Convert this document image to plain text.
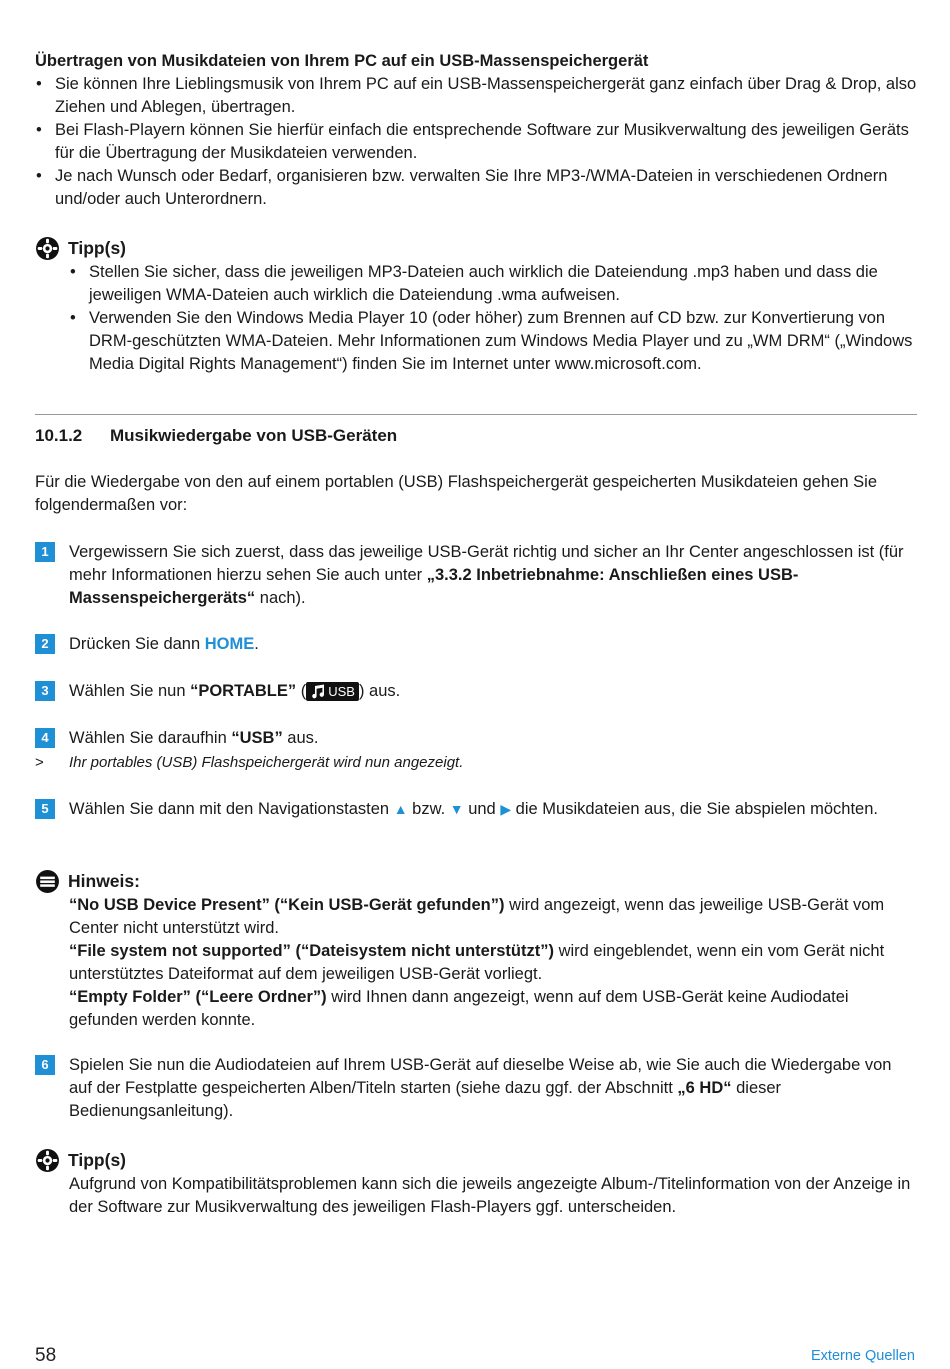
Übertragen von Musikdateien von Ihrem PC auf ein USB-Massenspeichergerät
• Sie können Ihre Lieblingsmusik von Ihrem PC auf ein USB-Massenspeichergerät ganz einfach über Drag & Drop, also Ziehen und Ablegen, übertragen.
• Bei Flash-Playern können Sie hierfür einfach die entsprechende Software zur Musikverwaltung des jeweiligen Geräts für die Übertragung der Musikdateien verwenden.
• Je nach Wunsch oder Bedarf, organisieren bzw. verwalten Sie Ihre MP3-/WMA-Dateien in verschiedenen Ordnern und/oder auch Unterordnern.
Tipp(s)
• Stellen Sie sicher, dass die jeweiligen MP3-Dateien auch wirklich die Dateiendung .mp3 haben und dass die jeweiligen WMA-Dateien auch wirklich die Dateiendung .wma aufweisen.
• Verwenden Sie den Windows Media Player 10 (oder höher) zum Brennen auf CD bzw. zur Konvertierung von DRM-geschützten WMA-Dateien. Mehr Informationen zum Windows Media Player und zu „WM DRM“ („Windows Media Digital Rights Management“) finden Sie im Internet unter www.microsoft.com.
10.1.2 Musikwiedergabe von USB-Geräten
Für die Wiedergabe von den auf einem portablen (USB) Flashspeichergerät gespeicherten Musikdateien gehen Sie folgendermaßen vor:
1	Vergewissern Sie sich zuerst, dass das jeweilige USB-Gerät richtig und sicher an Ihr Center angeschlossen ist (für mehr Informationen hierzu sehen Sie auch unter „3.3.2 Inbetriebnahme: Anschließen eines USB-Massenspeichergeräts“ nach).
2	Drücken Sie dann HOME.
3	Wählen Sie nun “PORTABLE” ( USB ) aus.
4	Wählen Sie daraufhin “USB” aus.
>	Ihr portables (USB) Flashspeichergerät wird nun angezeigt.
5	Wählen Sie dann mit den Navigationstasten ▲ bzw. ▼ und ▶ die Musikdateien aus, die Sie abspielen möchten.
Hinweis:
“No USB Device Present” (“Kein USB-Gerät gefunden”) wird angezeigt, wenn das jeweilige USB-Gerät vom Center nicht unterstützt wird.
“File system not supported” (“Dateisystem nicht unterstützt”) wird eingeblendet, wenn ein vom Gerät nicht unterstütztes Dateiformat auf dem jeweiligen USB-Gerät vorliegt.
“Empty Folder” (“Leere Ordner”) wird Ihnen dann angezeigt, wenn auf dem USB-Gerät keine Audiodatei gefunden werden konnte.
6	Spielen Sie nun die Audiodateien auf Ihrem USB-Gerät auf dieselbe Weise ab, wie Sie auch die Wiedergabe von auf der Festplatte gespeicherten Alben/Titeln starten (siehe dazu ggf. der Abschnitt „6 HD“ dieser Bedienungsanleitung).
Tipp(s)
Aufgrund von Kompatibilitätsproblemen kann sich die jeweils angezeigte Album-/Titelinformation von der Anzeige in der Software zur Musikverwaltung des jeweiligen Flash-Players ggf. unterscheiden.
58	Externe Quellen
